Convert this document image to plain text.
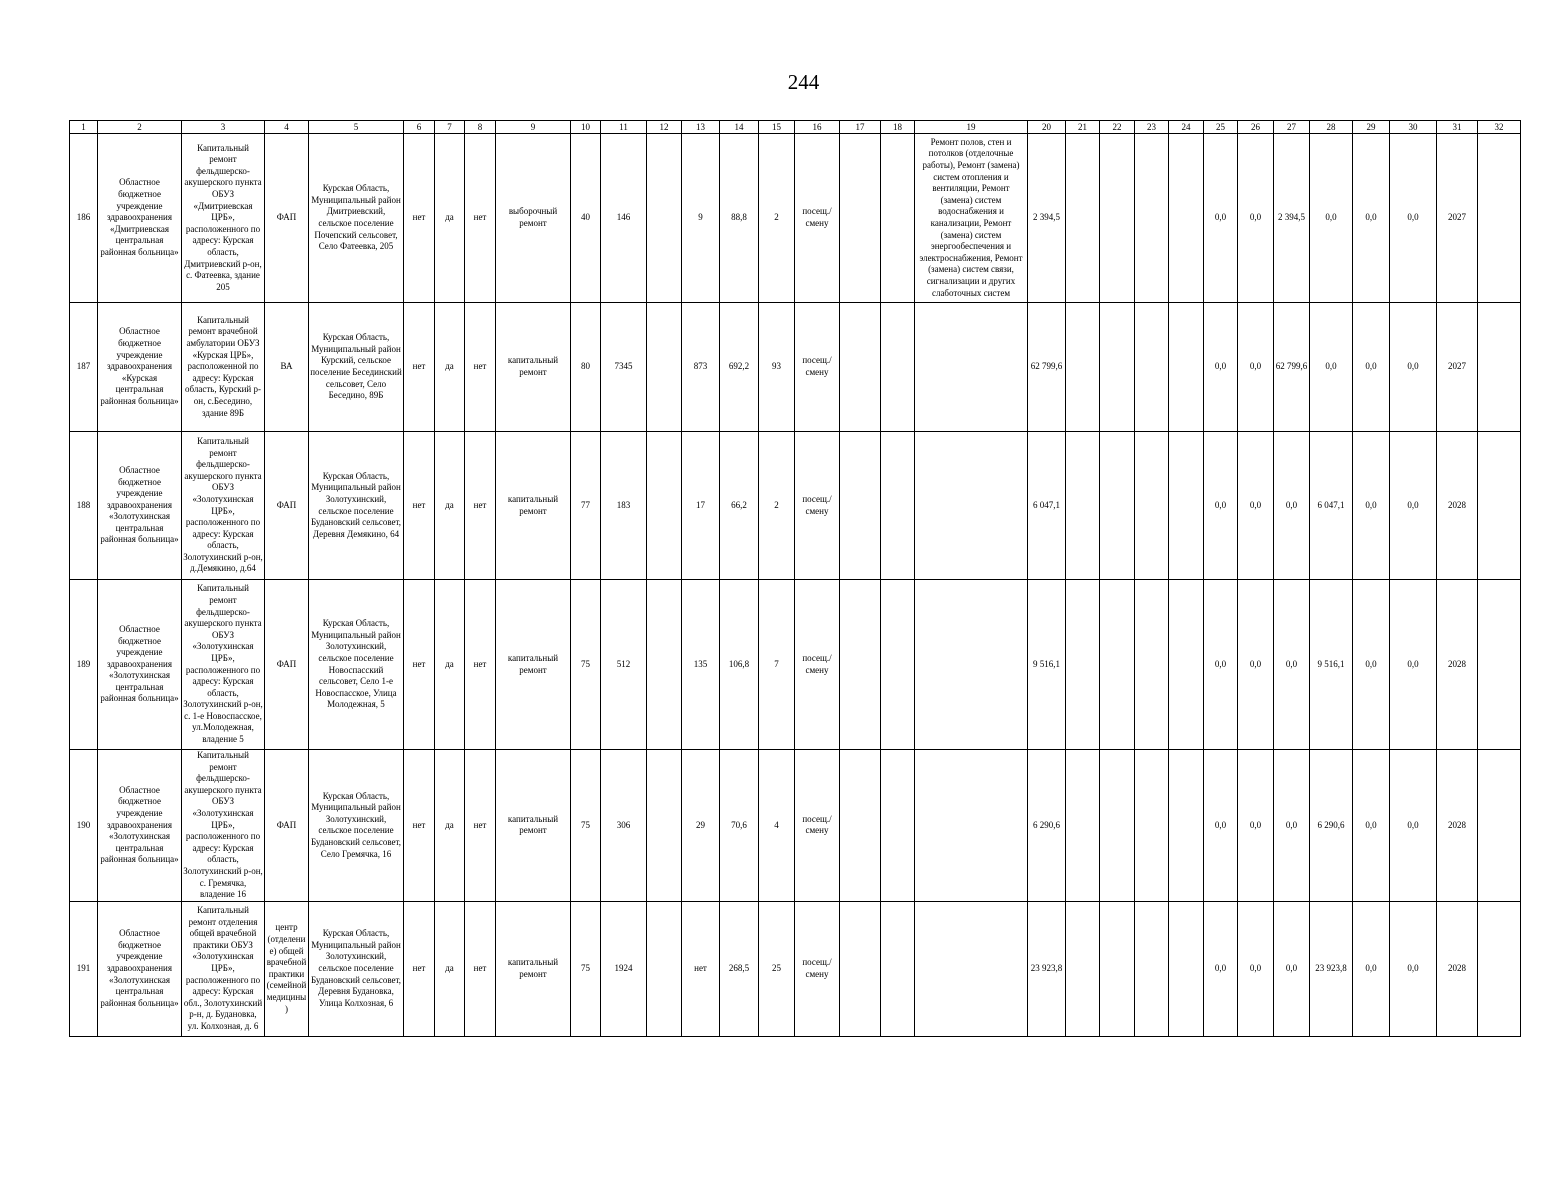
244
1	2	3	4	5	6	7	8	9	10	11	12	13	14	15	16	17	18	19	20	21	22	23	24	25	26	27	28	29	30	31	32
186	Областное бюджетное учреждение здравоохранения «Дмитриевская центральная районная больница»	Капитальный ремонт фельдшерско-акушерского пункта ОБУЗ «Дмитриевская ЦРБ», расположенного по адресу: Курская область, Дмитриевский р-он, с. Фатеевка, здание 205	ФАП	Курская Область, Муниципальный район Дмитриевский, сельское поселение Почепский сельсовет, Село Фатеевка, 205	нет	да	нет	выборочный ремонт	40	146		9	88,8	2	посещ./ смену			Ремонт полов, стен и потолков (отделочные работы), Ремонт (замена) систем отопления и вентиляции, Ремонт (замена) систем водоснабжения и канализации, Ремонт (замена) систем энергообеспечения и электроснабжения, Ремонт (замена) систем связи, сигнализации и других слаботочных систем	2 394,5					0,0	0,0	2 394,5	0,0	0,0	0,0	2027	
187	Областное бюджетное учреждение здравоохранения «Курская центральная районная больница»	Капитальный ремонт врачебной амбулатории ОБУЗ «Курская ЦРБ», расположенной по адресу: Курская область, Курский р-он, с.Беседино, здание 89Б	ВА	Курская Область, Муниципальный район Курский, сельское поселение Бесединский сельсовет, Село Беседино, 89Б	нет	да	нет	капитальный ремонт	80	7345		873	692,2	93	посещ./ смену				62 799,6					0,0	0,0	62 799,6	0,0	0,0	0,0	2027	
188	Областное бюджетное учреждение здравоохранения «Золотухинская центральная районная больница»	Капитальный ремонт фельдшерско-акушерского пункта ОБУЗ «Золотухинская ЦРБ», расположенного по адресу: Курская область, Золотухинский р-он, д.Демякино, д.64	ФАП	Курская Область, Муниципальный район Золотухинский, сельское поселение Будановский сельсовет, Деревня Демякино, 64	нет	да	нет	капитальный ремонт	77	183		17	66,2	2	посещ./ смену				6 047,1					0,0	0,0	0,0	6 047,1	0,0	0,0	2028	
189	Областное бюджетное учреждение здравоохранения «Золотухинская центральная районная больница»	Капитальный ремонт фельдшерско-акушерского пункта ОБУЗ «Золотухинская ЦРБ», расположенного по адресу: Курская область, Золотухинский р-он, с. 1-е Новоспасское, ул.Молодежная, владение 5	ФАП	Курская Область, Муниципальный район Золотухинский, сельское поселение Новоспасский сельсовет, Село 1-е Новоспасское, Улица Молодежная, 5	нет	да	нет	капитальный ремонт	75	512		135	106,8	7	посещ./ смену				9 516,1					0,0	0,0	0,0	9 516,1	0,0	0,0	2028	
190	Областное бюджетное учреждение здравоохранения «Золотухинская центральная районная больница»	Капитальный ремонт фельдшерско-акушерского пункта ОБУЗ «Золотухинская ЦРБ», расположенного по адресу: Курская область, Золотухинский р-он, с. Гремячка, владение 16	ФАП	Курская Область, Муниципальный район Золотухинский, сельское поселение Будановский сельсовет, Село Гремячка, 16	нет	да	нет	капитальный ремонт	75	306		29	70,6	4	посещ./ смену				6 290,6					0,0	0,0	0,0	6 290,6	0,0	0,0	2028	
191	Областное бюджетное учреждение здравоохранения «Золотухинская центральная районная больница»	Капитальный ремонт отделения общей врачебной практики ОБУЗ «Золотухинская ЦРБ», расположенного по адресу: Курская обл., Золотухинский р-н, д. Будановка, ул. Колхозная, д. 6	центр (отделение) общей врачебной практики (семейной медицины)	Курская Область, Муниципальный район Золотухинский, сельское поселение Будановский сельсовет, Деревня Будановка, Улица Колхозная, 6	нет	да	нет	капитальный ремонт	75	1924		нет	268,5	25	посещ./ смену				23 923,8					0,0	0,0	0,0	23 923,8	0,0	0,0	2028	
